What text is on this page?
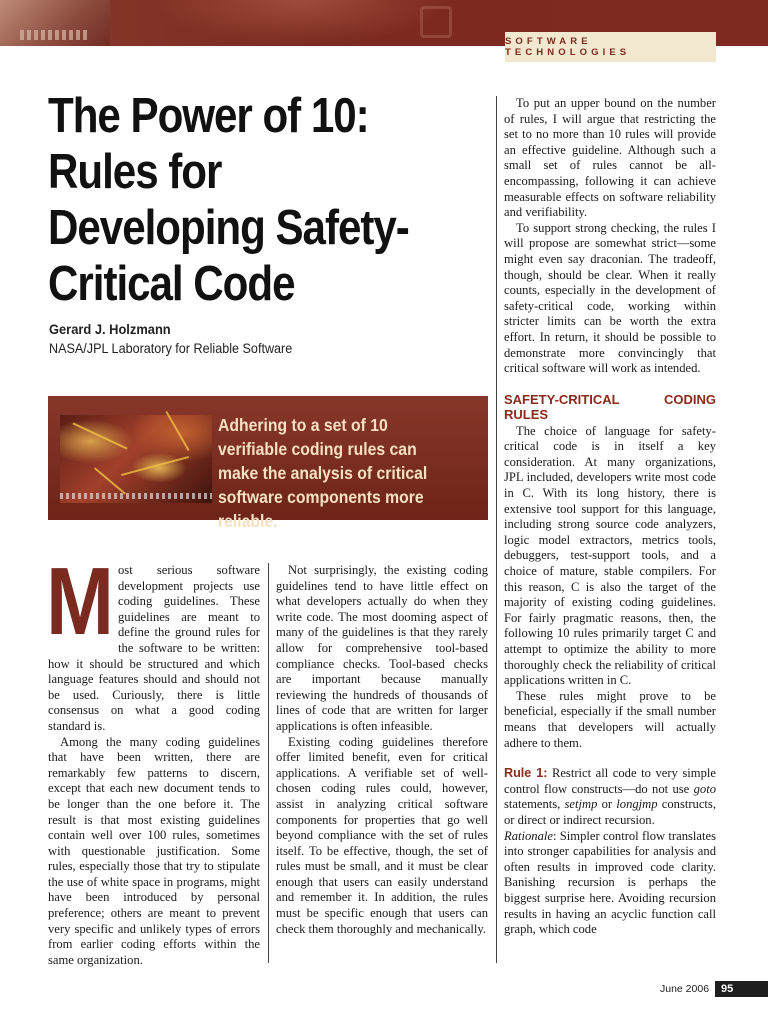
SOFTWARE TECHNOLOGIES
The Power of 10: Rules for Developing Safety-Critical Code
Gerard J. Holzmann
NASA/JPL Laboratory for Reliable Software
Adhering to a set of 10 verifiable coding rules can make the analysis of critical software components more reliable.
M ost serious software development projects use coding guidelines. These guidelines are meant to define the ground rules for the software to be written: how it should be structured and which language features should and should not be used. Curiously, there is little consensus on what a good coding standard is.

Among the many coding guidelines that have been written, there are remarkably few patterns to discern, except that each new document tends to be longer than the one before it. The result is that most existing guidelines contain well over 100 rules, sometimes with questionable justification. Some rules, especially those that try to stipulate the use of white space in programs, might have been introduced by personal preference; others are meant to prevent very specific and unlikely types of errors from earlier coding efforts within the same organization.

Not surprisingly, the existing coding guidelines tend to have little effect on what developers actually do when they write code. The most dooming aspect of many of the guidelines is that they rarely allow for comprehensive tool-based compliance checks. Tool-based checks are important because manually reviewing the hundreds of thousands of lines of code that are written for larger applications is often infeasible.

Existing coding guidelines therefore offer limited benefit, even for critical applications. A verifiable set of well-chosen coding rules could, however, assist in analyzing critical software components for properties that go well beyond compliance with the set of rules itself. To be effective, though, the set of rules must be small, and it must be clear enough that users can easily understand and remember it. In addition, the rules must be specific enough that users can check them thoroughly and mechanically.

To put an upper bound on the number of rules, I will argue that restricting the set to no more than 10 rules will provide an effective guideline. Although such a small set of rules cannot be all-encompassing, following it can achieve measurable effects on software reliability and verifiability.

To support strong checking, the rules I will propose are somewhat strict—some might even say draconian. The tradeoff, though, should be clear. When it really counts, especially in the development of safety-critical code, working within stricter limits can be worth the extra effort. In return, it should be possible to demonstrate more convincingly that critical software will work as intended.

SAFETY-CRITICAL CODING RULES

The choice of language for safety-critical code is in itself a key consideration. At many organizations, JPL included, developers write most code in C. With its long history, there is extensive tool support for this language, including strong source code analyzers, logic model extractors, metrics tools, debuggers, test-support tools, and a choice of mature, stable compilers. For this reason, C is also the target of the majority of existing coding guidelines. For fairly pragmatic reasons, then, the following 10 rules primarily target C and attempt to optimize the ability to more thoroughly check the reliability of critical applications written in C.

These rules might prove to be beneficial, especially if the small number means that developers will actually adhere to them.

Rule 1: Restrict all code to very simple control flow constructs—do not use goto statements, setjmp or longjmp constructs, or direct or indirect recursion.

Rationale: Simpler control flow translates into stronger capabilities for analysis and often results in improved code clarity. Banishing recursion is perhaps the biggest surprise here. Avoiding recursion results in having an acyclic function call graph, which code

June 2006	95
